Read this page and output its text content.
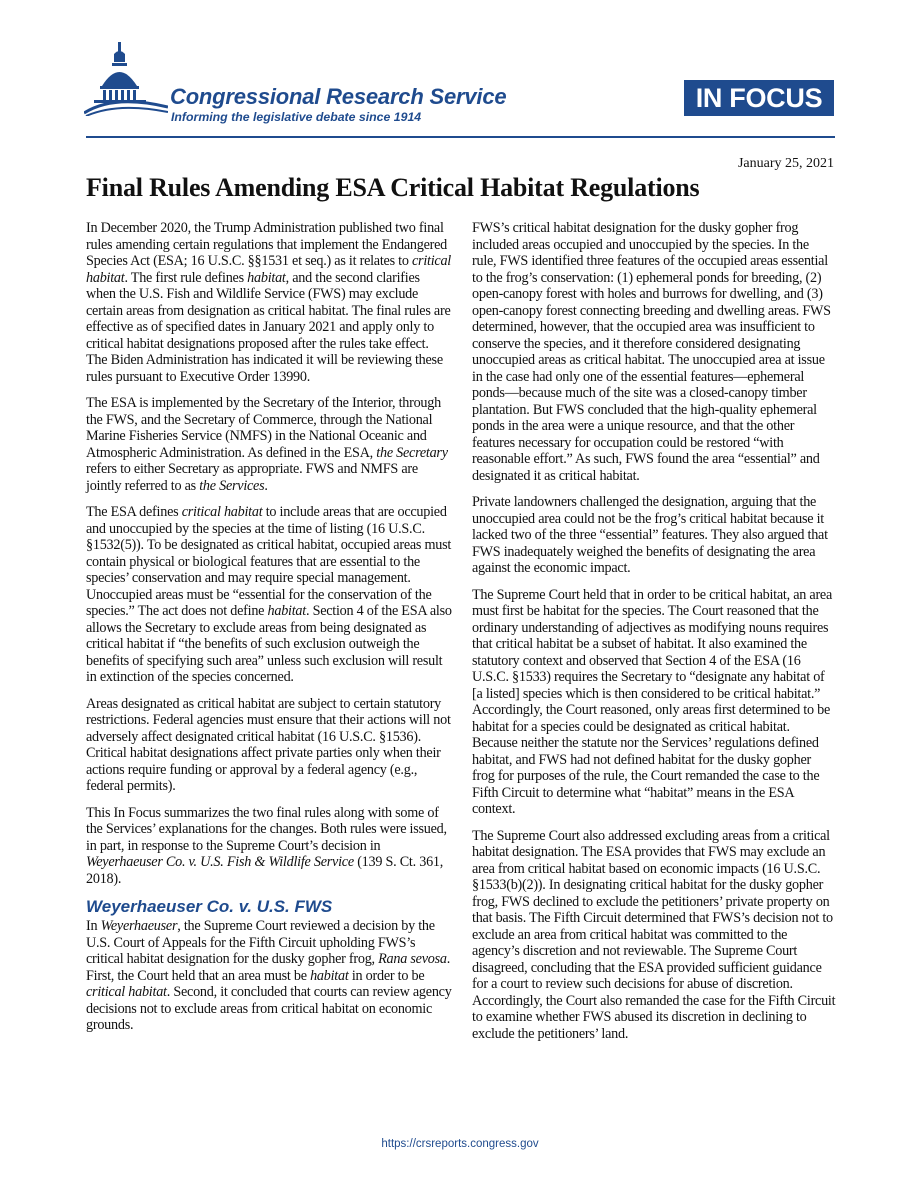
Congressional Research Service
Informing the legislative debate since 1914
IN FOCUS
January 25, 2021
Final Rules Amending ESA Critical Habitat Regulations

In December 2020, the Trump Administration published two final rules amending certain regulations that implement the Endangered Species Act (ESA; 16 U.S.C. §§1531 et seq.) as it relates to critical habitat. The first rule defines habitat, and the second clarifies when the U.S. Fish and Wildlife Service (FWS) may exclude certain areas from designation as critical habitat. The final rules are effective as of specified dates in January 2021 and apply only to critical habitat designations proposed after the rules take effect. The Biden Administration has indicated it will be reviewing these rules pursuant to Executive Order 13990.

The ESA is implemented by the Secretary of the Interior, through the FWS, and the Secretary of Commerce, through the National Marine Fisheries Service (NMFS) in the National Oceanic and Atmospheric Administration. As defined in the ESA, the Secretary refers to either Secretary as appropriate. FWS and NMFS are jointly referred to as the Services.

The ESA defines critical habitat to include areas that are occupied and unoccupied by the species at the time of listing (16 U.S.C. §1532(5)). To be designated as critical habitat, occupied areas must contain physical or biological features that are essential to the species’ conservation and may require special management. Unoccupied areas must be “essential for the conservation of the species.” The act does not define habitat. Section 4 of the ESA also allows the Secretary to exclude areas from being designated as critical habitat if “the benefits of such exclusion outweigh the benefits of specifying such area” unless such exclusion will result in extinction of the species concerned.

Areas designated as critical habitat are subject to certain statutory restrictions. Federal agencies must ensure that their actions will not adversely affect designated critical habitat (16 U.S.C. §1536). Critical habitat designations affect private parties only when their actions require funding or approval by a federal agency (e.g., federal permits).

This In Focus summarizes the two final rules along with some of the Services’ explanations for the changes. Both rules were issued, in part, in response to the Supreme Court’s decision in Weyerhaeuser Co. v. U.S. Fish & Wildlife Service (139 S. Ct. 361, 2018).

Weyerhaeuser Co. v. U.S. FWS

In Weyerhaeuser, the Supreme Court reviewed a decision by the U.S. Court of Appeals for the Fifth Circuit upholding FWS’s critical habitat designation for the dusky gopher frog, Rana sevosa. First, the Court held that an area must be habitat in order to be critical habitat. Second, it concluded that courts can review agency decisions not to exclude areas from critical habitat on economic grounds.

FWS’s critical habitat designation for the dusky gopher frog included areas occupied and unoccupied by the species. In the rule, FWS identified three features of the occupied areas essential to the frog’s conservation: (1) ephemeral ponds for breeding, (2) open-canopy forest with holes and burrows for dwelling, and (3) open-canopy forest connecting breeding and dwelling areas. FWS determined, however, that the occupied area was insufficient to conserve the species, and it therefore considered designating unoccupied areas as critical habitat. The unoccupied area at issue in the case had only one of the essential features—ephemeral ponds—because much of the site was a closed-canopy timber plantation. But FWS concluded that the high-quality ephemeral ponds in the area were a unique resource, and that the other features necessary for occupation could be restored “with reasonable effort.” As such, FWS found the area “essential” and designated it as critical habitat.

Private landowners challenged the designation, arguing that the unoccupied area could not be the frog’s critical habitat because it lacked two of the three “essential” features. They also argued that FWS inadequately weighed the benefits of designating the area against the economic impact.

The Supreme Court held that in order to be critical habitat, an area must first be habitat for the species. The Court reasoned that the ordinary understanding of adjectives as modifying nouns requires that critical habitat be a subset of habitat. It also examined the statutory context and observed that Section 4 of the ESA (16 U.S.C. §1533) requires the Secretary to “designate any habitat of [a listed] species which is then considered to be critical habitat.” Accordingly, the Court reasoned, only areas first determined to be habitat for a species could be designated as critical habitat. Because neither the statute nor the Services’ regulations defined habitat, and FWS had not defined habitat for the dusky gopher frog for purposes of the rule, the Court remanded the case to the Fifth Circuit to determine what “habitat” means in the ESA context.

The Supreme Court also addressed excluding areas from a critical habitat designation. The ESA provides that FWS may exclude an area from critical habitat based on economic impacts (16 U.S.C. §1533(b)(2)). In designating critical habitat for the dusky gopher frog, FWS declined to exclude the petitioners’ private property on that basis. The Fifth Circuit determined that FWS’s decision not to exclude an area from critical habitat was committed to the agency’s discretion and not reviewable. The Supreme Court disagreed, concluding that the ESA provided sufficient guidance for a court to review such decisions for abuse of discretion. Accordingly, the Court also remanded the case for the Fifth Circuit to examine whether FWS abused its discretion in declining to exclude the petitioners’ land.

https://crsreports.congress.gov
